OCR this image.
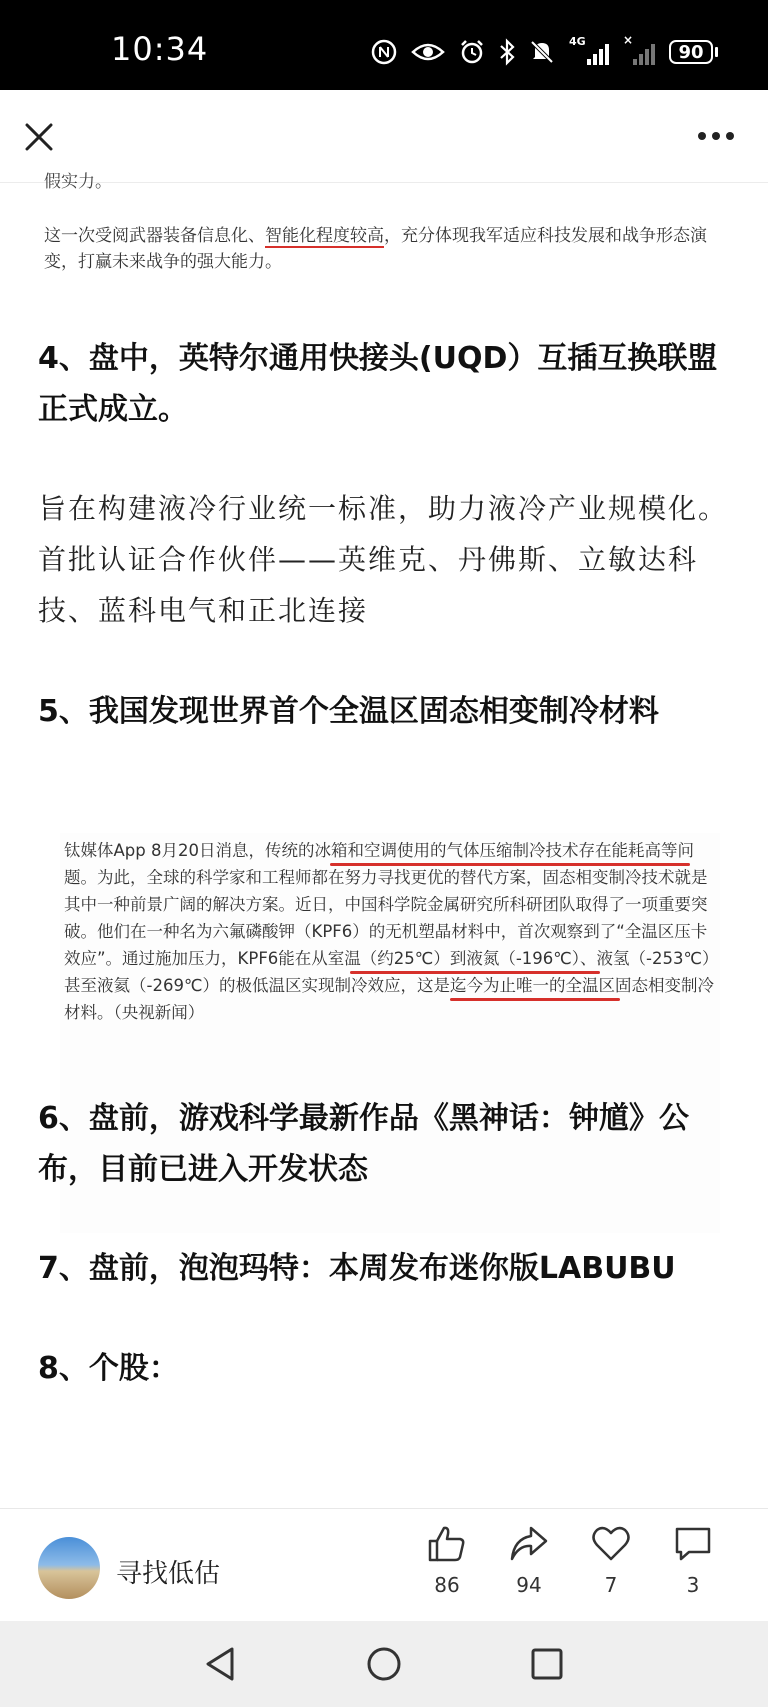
10:34	4G	×
90
假实力。
这一次受阅武器装备信息化、智能化程度较高，充分体现我军适应科技发展和战争形态演变，打赢未来战争的强大能力。
4、盘中，英特尔通用快接头(UQD）互插互换联盟正式成立。
旨在构建液冷行业统一标准，助力液冷产业规模化。首批认证合作伙伴——英维克、丹佛斯、立敏达科技、蓝科电气和正北连接
5、我国发现世界首个全温区固态相变制冷材料
钛媒体App 8月20日消息，传统的冰箱和空调使用的气体压缩制冷技术存在能耗高等问题。为此，全球的科学家和工程师都在努力寻找更优的替代方案，固态相变制冷技术就是其中一种前景广阔的解决方案。近日，中国科学院金属研究所科研团队取得了一项重要突破。他们在一种名为六氟磷酸钾（KPF6）的无机塑晶材料中，首次观察到了“全温区压卡效应”。通过施加压力，KPF6能在从室温（约25℃）到液氮（-196℃）、液氢（-253℃）甚至液氦（-269℃）的极低温区实现制冷效应，这是迄今为止唯一的全温区固态相变制冷材料。（央视新闻）
6、盘前，游戏科学最新作品《黑神话：钟馗》公布，目前已进入开发状态
7、盘前，泡泡玛特：本周发布迷你版LABUBU
8、个股：
寻找低估	86	94	7	3
